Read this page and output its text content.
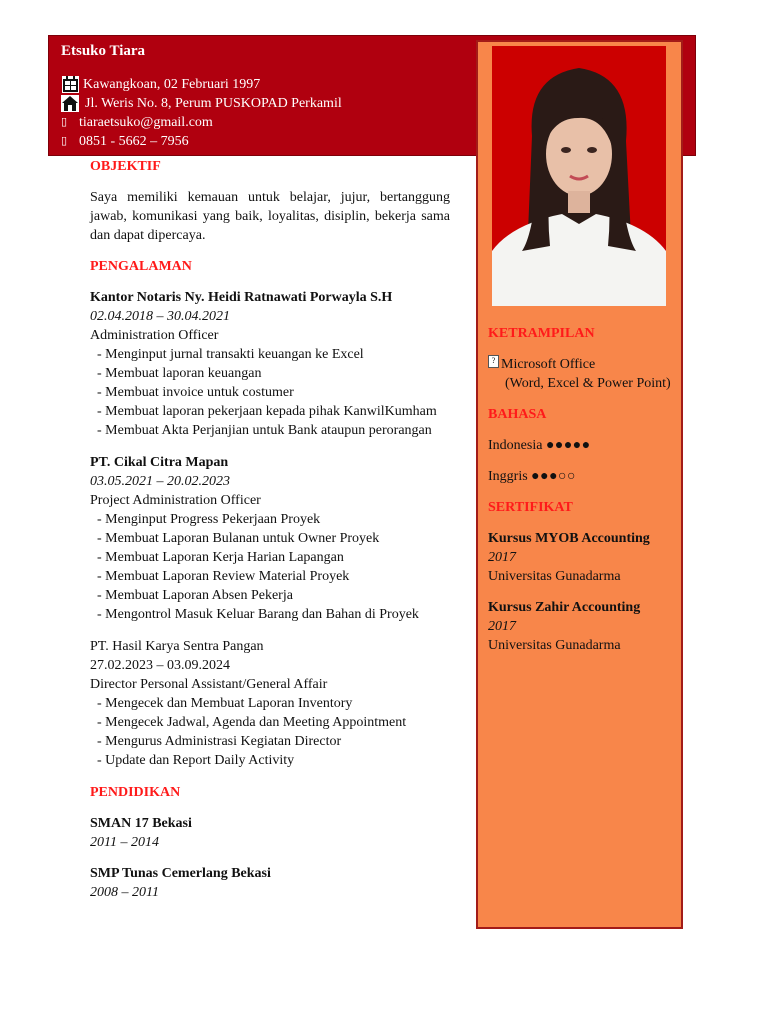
Etsuko Tiara
Kawangkoan, 02 Februari 1997
Jl. Weris No. 8, Perum PUSKOPAD Perkamil
▯ tiaraetsuko@gmail.com
▯ 0851 - 5662 – 7956
KETRAMPILAN
? Microsoft Office
(Word, Excel & Power Point)
BAHASA
Indonesia ●●●●●
Inggris ●●●○○
SERTIFIKAT
Kursus MYOB Accounting
2017
Universitas Gunadarma
Kursus Zahir Accounting
2017
Universitas Gunadarma
OBJEKTIF
Saya memiliki kemauan untuk belajar, jujur, bertanggung jawab, komunikasi yang baik, loyalitas, disiplin, bekerja sama dan dapat dipercaya.
PENGALAMAN
Kantor Notaris Ny. Heidi Ratnawati Porwayla S.H
02.04.2018 – 30.04.2021
Administration Officer
- Menginput jurnal transakti keuangan ke Excel
- Membuat laporan keuangan
- Membuat invoice untuk costumer
- Membuat laporan pekerjaan kepada pihak KanwilKumham
- Membuat Akta Perjanjian untuk Bank ataupun perorangan
PT. Cikal Citra Mapan
03.05.2021 – 20.02.2023
Project Administration Officer
- Menginput Progress Pekerjaan Proyek
- Membuat Laporan Bulanan untuk Owner Proyek
- Membuat Laporan Kerja Harian Lapangan
- Membuat Laporan Review Material Proyek
- Membuat Laporan Absen Pekerja
- Mengontrol Masuk Keluar Barang dan Bahan di Proyek
PT. Hasil Karya Sentra Pangan
27.02.2023 – 03.09.2024
Director Personal Assistant/General Affair
- Mengecek dan Membuat Laporan Inventory
- Mengecek Jadwal, Agenda dan Meeting Appointment
- Mengurus Administrasi Kegiatan Director
- Update dan Report Daily Activity
PENDIDIKAN
SMAN 17 Bekasi
2011 – 2014
SMP Tunas Cemerlang Bekasi
2008 – 2011
